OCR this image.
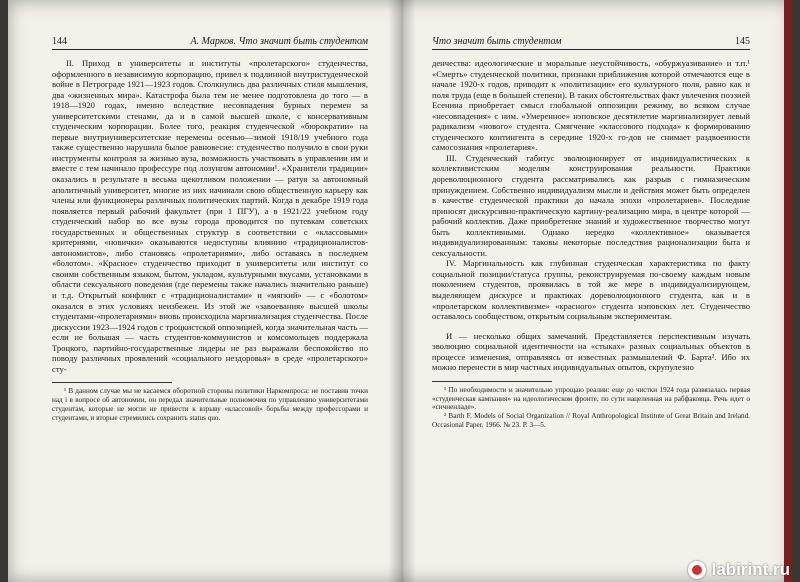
144	А. Марков. Что значит быть студентом

II. Приход в университеты и институты «пролетарского» студенчества, оформленного в независимую корпорацию, привел к подлинной внутристуденческой войне в Петрограде 1921—1923 годов. Столкнулись два различных стиля мышления, два «жизненных мира». Катастрофа была тем не менее подготовлена до того — в 1918—1920 годах, именно вследствие несовпадения бурных перемен за университетскими стенами, да и в самой высшей школе, с консервативным студенческим корпорации. Более того, реакция студенческой «бюрократии» на первые внутриуниверситетские перемены осенью—зимой 1918/19 учебного года также существенно нарушила былое равновесие: студенчество получило в свои руки инструменты контроля за жизнью вуза, возможность участвовать в управлении им и вместе с тем начинало профессуре под лозунгом автономии¹. «Хранители традиции» оказались в результате в весьма щекотливом положении — ратуя за автономный аполитичный университет, многие из них начинали свою общественную карьеру как члены или функционеры различных политических партий. Когда в декабре 1919 года появляется первый рабочий факультет (при 1 ПГУ), а в 1921/22 учебном году студенческий набор во все вузы города проводится по путевкам советских государственных и общественных структур в соответствии с «классовыми» критериями, «новички» оказываются недоступны влиянию «традиционалистов-автономистов», либо становясь «пролетариями», либо оставаясь в последнем «болотом». «Красное» студенчество приходит в университеты или институт со своими собственным языком, бытом, укладом, культурными вкусами, установками в области сексуального поведения (где перемены также начались значительно раньше) и т.д. Открытый конфликт с «традиционалистами» и «мягкий» — с «болотом» оказался в этих условиях неизбежен. Из этой же «завоевания» высшей школы студентами-«пролетариями» вновь происходила маргинализация студенчества. После дискуссии 1923—1924 годов с троцкистской оппозицией, когда значительная часть — если не большая — часть студентов-коммунистов и комсомольцев поддержала Троцкого, партийно-государственные лидеры не раз выражали беспокойство по поводу различных проявлений «социального нездоровья» в среде «пролетарского» сту-

¹ В данном случае мы не касаемся оборотной стороны политики Наркомпроса: не поставив точки над i в вопросе об автономии, он передал значительные полномочия по управлению университетами студентам, которые не могли не привести к взрыву «классовой» борьбы между профессорами и студентами, и вторые стремились сохранить status quo.

Что значит быть студентом	145

денчества: идеологические и моральные неустойчивость, «обуржуазивание» и т.п.¹ «Смерть» студенческой политики, признаки приближения которой отмечаются еще в начале 1920-х годов, приводит к «политизации» его культурного поля, равно как и поля труда (еще в большей степени). В таких обстоятельствах факт увлечения поэзией Есенина приобретает смысл глобальной оппозиции режиму, во всяком случае «несовпадения» с ним. «Умеренное» нэповское десятилетие маргинализирует левый радикализм «нового» студента. Смягчение «классового подхода» к формированию студенческого контингента в середине 1920-х го-дов не снимает раздвоенности самосознания «пролетария».

III. Студенческий габитус эволюционирует от индивидуалистических к коллективистским моделям конструирования реальности. Практики дореволюционного студента рассматривались как разрыв с гимназическим принуждением. Собственно индивидуализм мысли и действия может быть определен в качестве студенческой практики до начала эпохи «пролетариев». Последние приносят дискурсивно-практическую картину-реализацию мира, в центре которой — рабочий коллектив. Даже приобретение знаний и художественное творчество могут быть коллективными. Однако нередко «коллективное» оказывается индивидуализированным: таковы некоторые последствия рационализации быта и сексуальности.

IV. Маргинальность как глубинная студенческая характеристика по факту социальной позиции/статуса группы, реконструируемая по-своему каждым новым поколением студентов, проявилась в той же мере в индивидуализирующем, выделяющем дискурсе и практиках дореволюционного студента, как и в «пролетарском коллективизме» «красного» студента нэповских лет. Студенчество оставалось сообществом, открытым социальным экспериментам.

И — несколько общих замечаний. Представляется перспективным изучать эволюцию социальной идентичности на «стыках» разных социальных объектов в процессе изменения, отправляясь от известных размышлений Ф. Барта². Ибо их можно перенести в мир частных индивидуальных опытов, скрупулезно

¹ По необходимости и значительно упрощаю реалии: еще до чистки 1924 года развязалась первая «студенческая кампания» на идеологическом фронте, по сути нацеленная на рабфаковца. Речь идет о «сичненладе».

² Barth F. Models of Social Organization // Royal Anthropological Institute of Great Britain and Ireland. Occasional Paper. 1966. № 23. P. 3—5.

labirint.ru
